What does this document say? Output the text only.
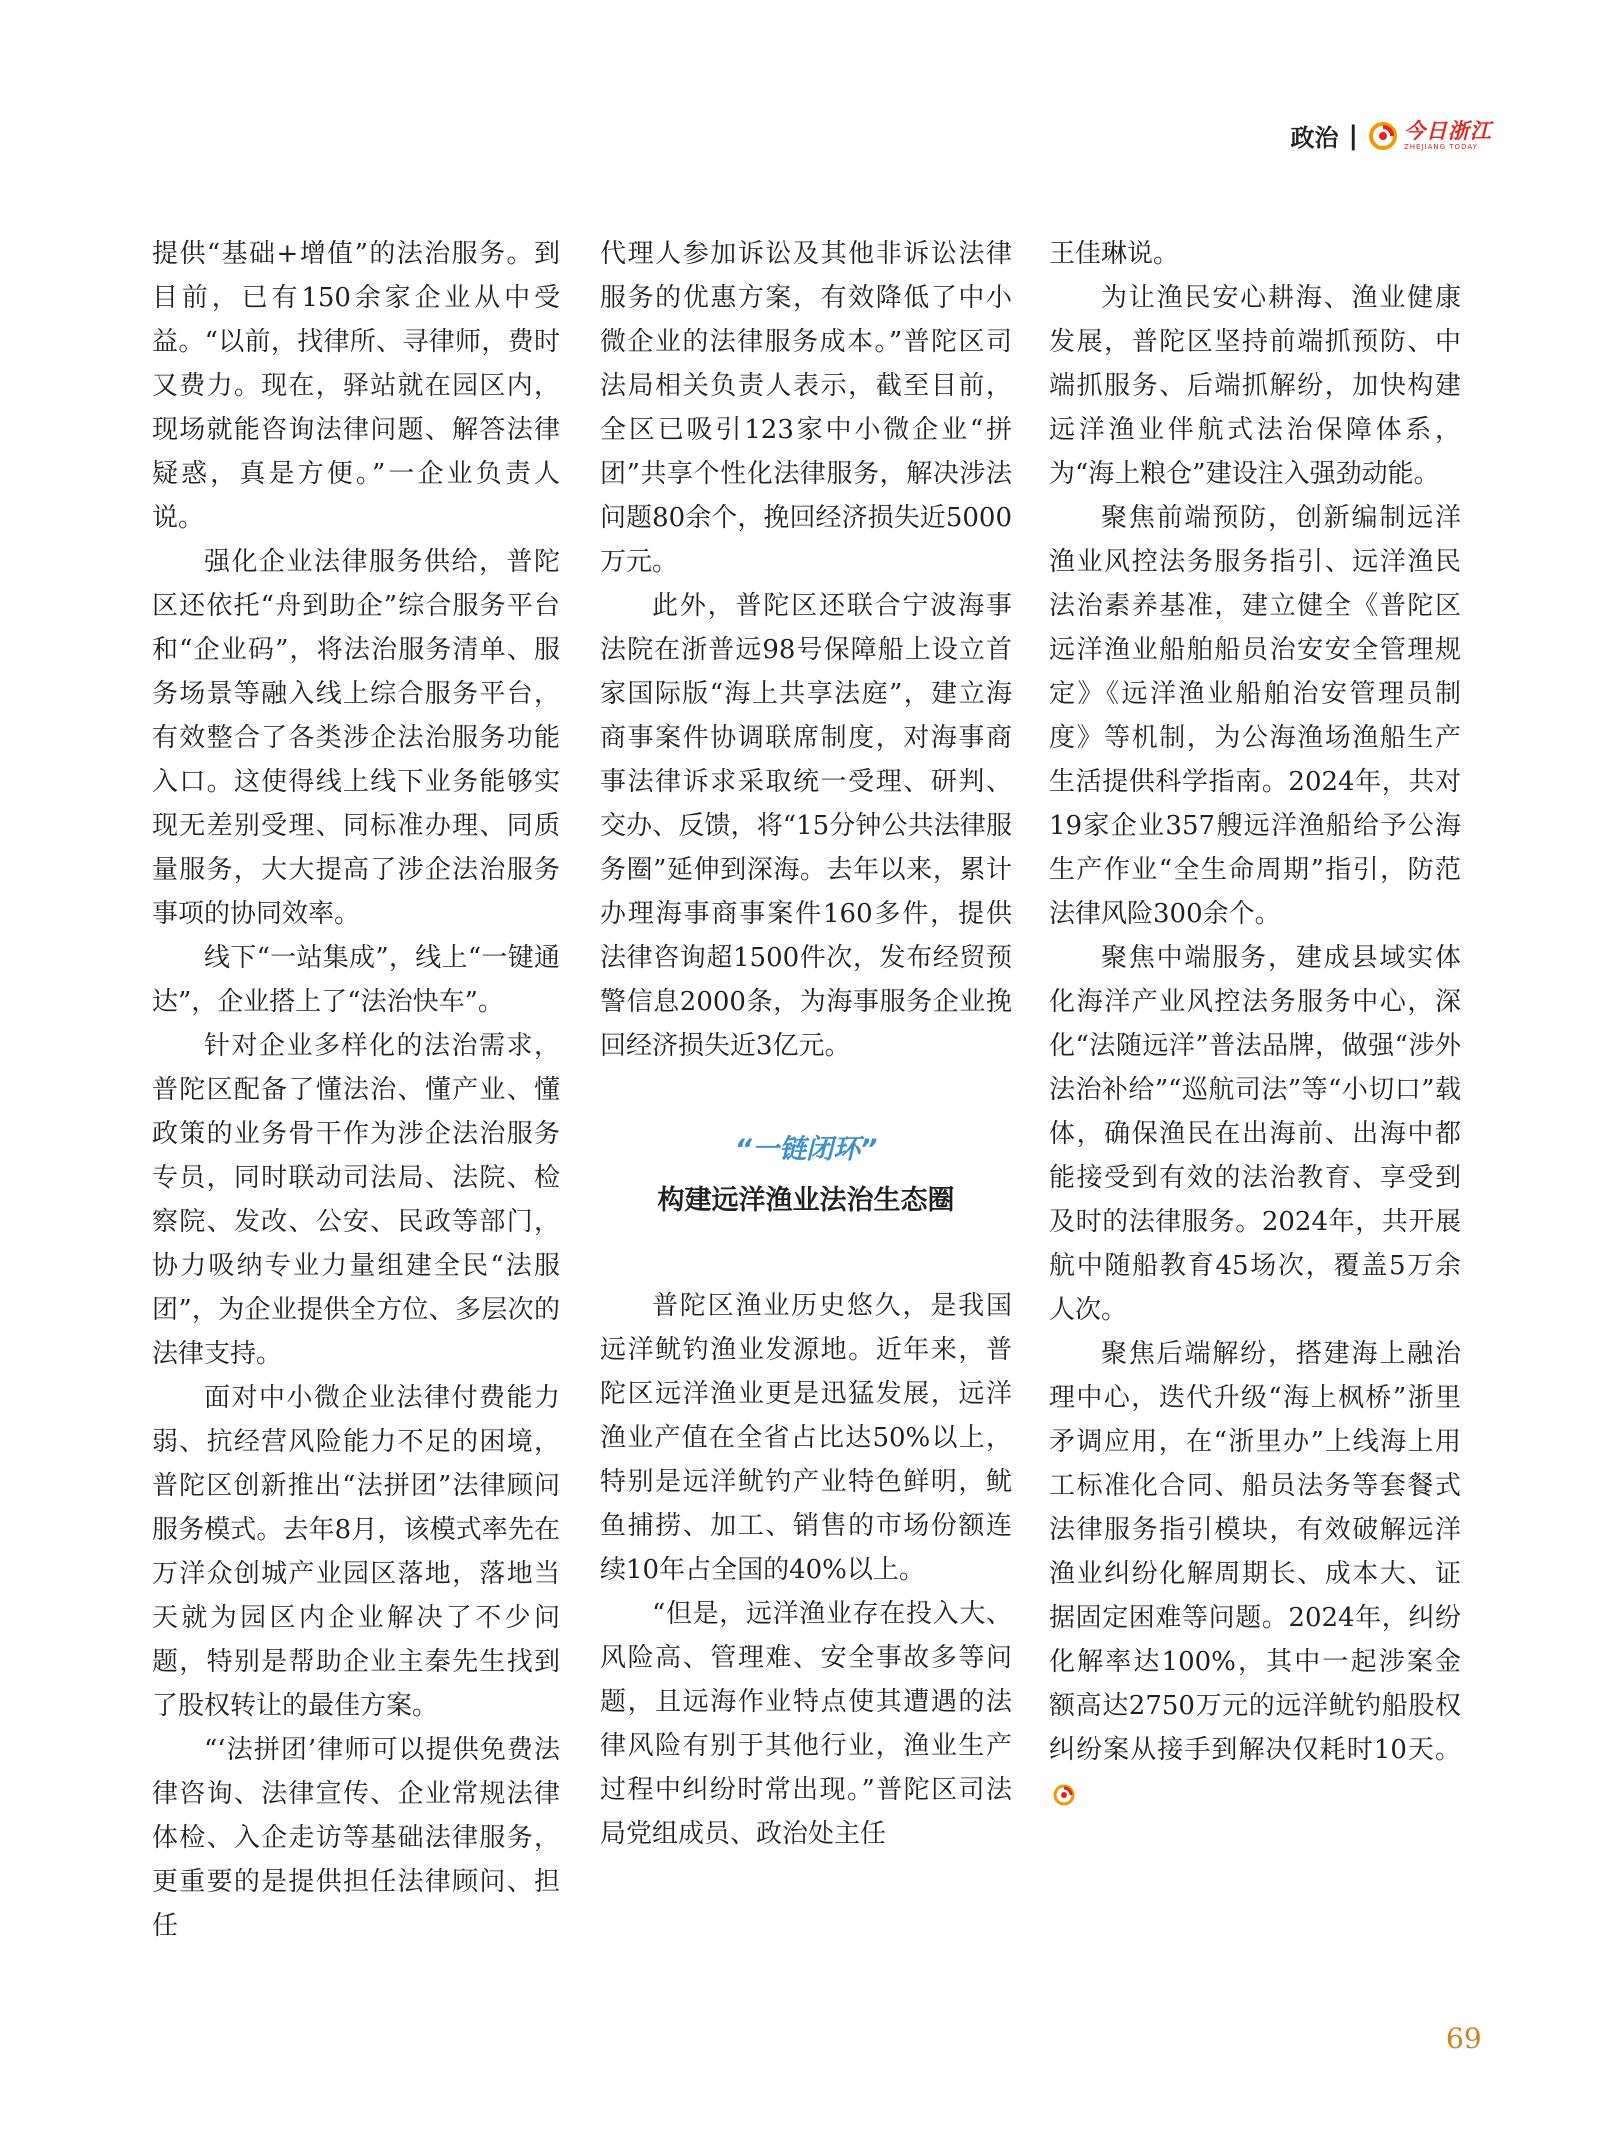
政治 | 今日浙江
ZHEJIANG TODAY

提供“基础+增值”的法治服务。到目前，已有150余家企业从中受益。“以前，找律所、寻律师，费时又费力。现在，驿站就在园区内，现场就能咨询法律问题、解答法律疑惑，真是方便。”一企业负责人说。

强化企业法律服务供给，普陀区还依托“舟到助企”综合服务平台和“企业码”，将法治服务清单、服务场景等融入线上综合服务平台，有效整合了各类涉企法治服务功能入口。这使得线上线下业务能够实现无差别受理、同标准办理、同质量服务，大大提高了涉企法治服务事项的协同效率。

线下“一站集成”，线上“一键通达”，企业搭上了“法治快车”。

针对企业多样化的法治需求，普陀区配备了懂法治、懂产业、懂政策的业务骨干作为涉企法治服务专员，同时联动司法局、法院、检察院、发改、公安、民政等部门，协力吸纳专业力量组建全民“法服团”，为企业提供全方位、多层次的法律支持。

面对中小微企业法律付费能力弱、抗经营风险能力不足的困境，普陀区创新推出“法拼团”法律顾问服务模式。去年8月，该模式率先在万洋众创城产业园区落地，落地当天就为园区内企业解决了不少问题，特别是帮助企业主秦先生找到了股权转让的最佳方案。

“‘法拼团’律师可以提供免费法律咨询、法律宣传、企业常规法律体检、入企走访等基础法律服务，更重要的是提供担任法律顾问、担任

代理人参加诉讼及其他非诉讼法律服务的优惠方案，有效降低了中小微企业的法律服务成本。”普陀区司法局相关负责人表示，截至目前，全区已吸引123家中小微企业“拼团”共享个性化法律服务，解决涉法问题80余个，挽回经济损失近5000万元。

此外，普陀区还联合宁波海事法院在浙普远98号保障船上设立首家国际版“海上共享法庭”，建立海商事案件协调联席制度，对海事商事法律诉求采取统一受理、研判、交办、反馈，将“15分钟公共法律服务圈”延伸到深海。去年以来，累计办理海事商事案件160多件，提供法律咨询超1500件次，发布经贸预警信息2000条，为海事服务企业挽回经济损失近3亿元。

“一链闭环”
构建远洋渔业法治生态圈

普陀区渔业历史悠久，是我国远洋鱿钓渔业发源地。近年来，普陀区远洋渔业更是迅猛发展，远洋渔业产值在全省占比达50%以上，特别是远洋鱿钓产业特色鲜明，鱿鱼捕捞、加工、销售的市场份额连续10年占全国的40%以上。

“但是，远洋渔业存在投入大、风险高、管理难、安全事故多等问题，且远海作业特点使其遭遇的法律风险有别于其他行业，渔业生产过程中纠纷时常出现。”普陀区司法局党组成员、政治处主任

王佳琳说。

为让渔民安心耕海、渔业健康发展，普陀区坚持前端抓预防、中端抓服务、后端抓解纷，加快构建远洋渔业伴航式法治保障体系，为“海上粮仓”建设注入强劲动能。

聚焦前端预防，创新编制远洋渔业风控法务服务指引、远洋渔民法治素养基准，建立健全《普陀区远洋渔业船舶船员治安安全管理规定》《远洋渔业船舶治安管理员制度》等机制，为公海渔场渔船生产生活提供科学指南。2024年，共对19家企业357艘远洋渔船给予公海生产作业“全生命周期”指引，防范法律风险300余个。

聚焦中端服务，建成县域实体化海洋产业风控法务服务中心，深化“法随远洋”普法品牌，做强“涉外法治补给”“巡航司法”等“小切口”载体，确保渔民在出海前、出海中都能接受到有效的法治教育、享受到及时的法律服务。2024年，共开展航中随船教育45场次，覆盖5万余人次。

聚焦后端解纷，搭建海上融治理中心，迭代升级“海上枫桥”浙里矛调应用，在“浙里办”上线海上用工标准化合同、船员法务等套餐式法律服务指引模块，有效破解远洋渔业纠纷化解周期长、成本大、证据固定困难等问题。2024年，纠纷化解率达100%，其中一起涉案金额高达2750万元的远洋鱿钓船股权纠纷案从接手到解决仅耗时10天。

69
